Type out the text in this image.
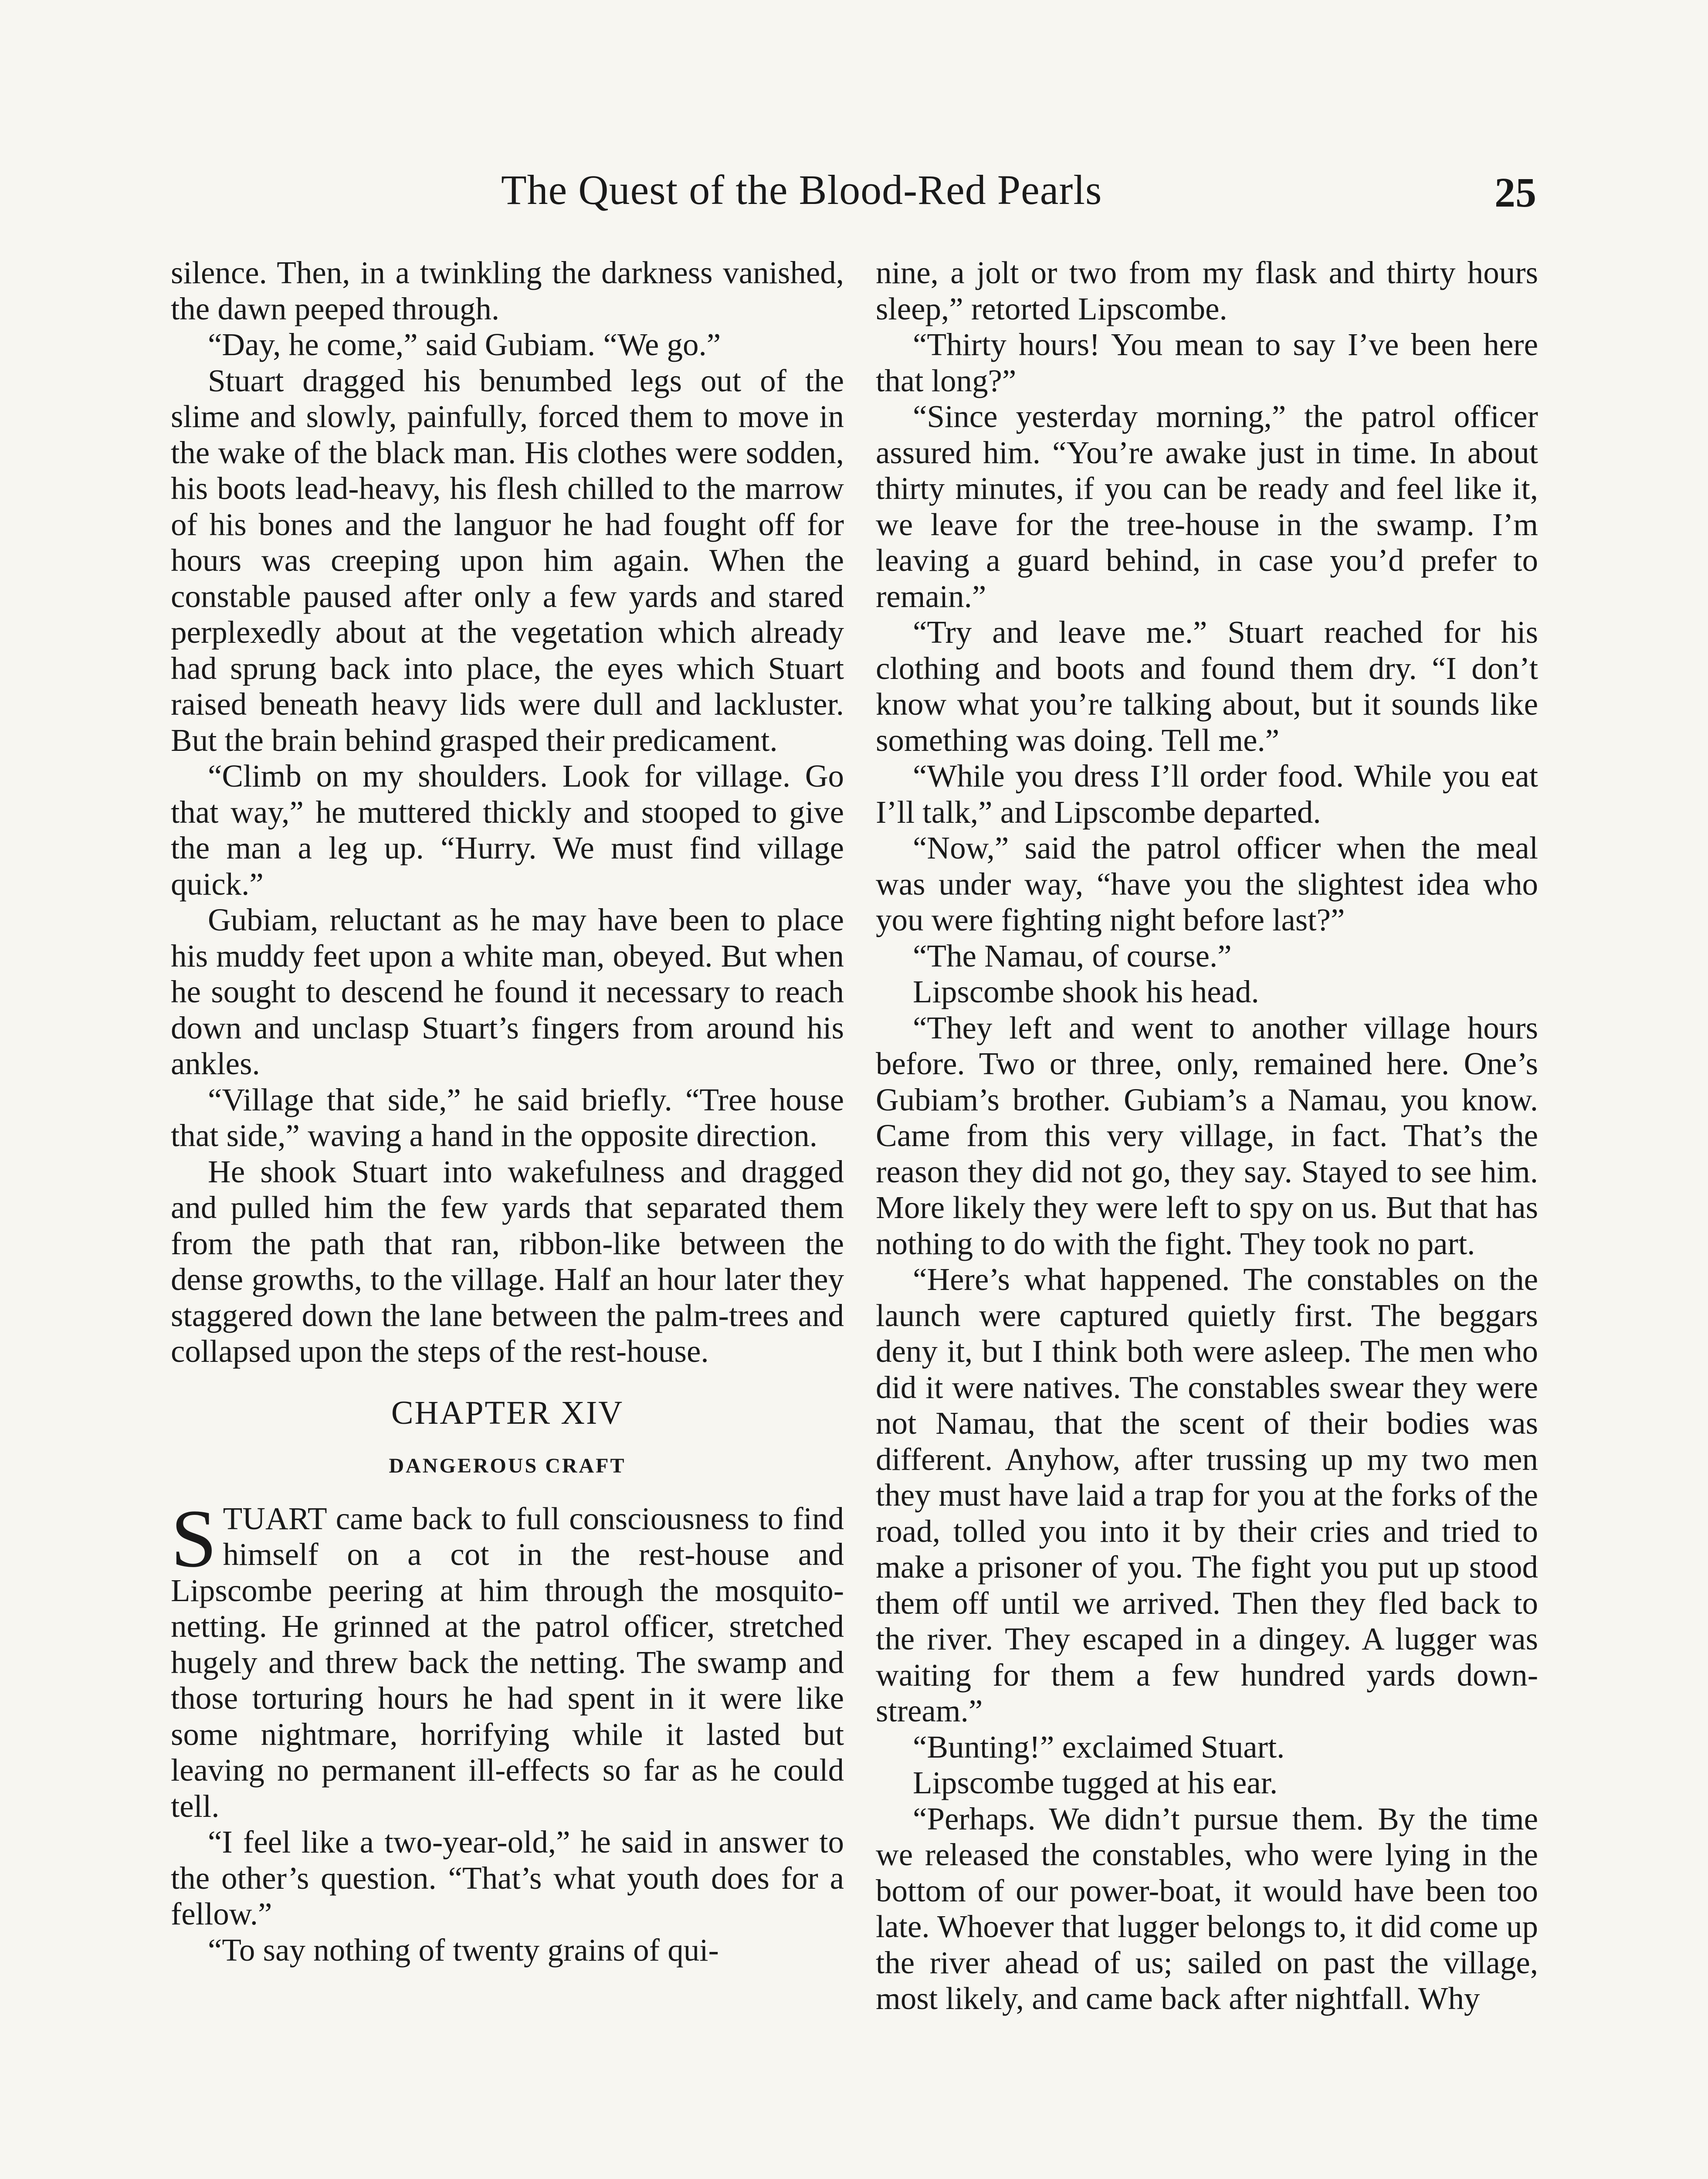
The Quest of the Blood-Red Pearls	25

silence. Then, in a twinkling the darkness vanished, the dawn peeped through.

“Day, he come,” said Gubiam. “We go.”

Stuart dragged his benumbed legs out of the slime and slowly, painfully, forced them to move in the wake of the black man. His clothes were sodden, his boots lead-heavy, his flesh chilled to the marrow of his bones and the languor he had fought off for hours was creeping upon him again. When the constable paused after only a few yards and stared perplexedly about at the vegetation which already had sprung back into place, the eyes which Stuart raised beneath heavy lids were dull and lackluster. But the brain behind grasped their predicament.

“Climb on my shoulders. Look for village. Go that way,” he muttered thickly and stooped to give the man a leg up. “Hurry. We must find village quick.”

Gubiam, reluctant as he may have been to place his muddy feet upon a white man, obeyed. But when he sought to descend he found it necessary to reach down and unclasp Stuart’s fingers from around his ankles.

“Village that side,” he said briefly. “Tree house that side,” waving a hand in the opposite direction.

He shook Stuart into wakefulness and dragged and pulled him the few yards that separated them from the path that ran, ribbon-like between the dense growths, to the village. Half an hour later they staggered down the lane between the palm-trees and collapsed upon the steps of the rest-house.

CHAPTER XIV
DANGEROUS CRAFT

STUART came back to full consciousness to find himself on a cot in the rest-house and Lipscombe peering at him through the mosquito-netting. He grinned at the patrol officer, stretched hugely and threw back the netting. The swamp and those torturing hours he had spent in it were like some nightmare, horrifying while it lasted but leaving no permanent ill-effects so far as he could tell.

“I feel like a two-year-old,” he said in answer to the other’s question. “That’s what youth does for a fellow.”

“To say nothing of twenty grains of qui-

nine, a jolt or two from my flask and thirty hours sleep,” retorted Lipscombe.

“Thirty hours! You mean to say I’ve been here that long?”

“Since yesterday morning,” the patrol officer assured him. “You’re awake just in time. In about thirty minutes, if you can be ready and feel like it, we leave for the tree-house in the swamp. I’m leaving a guard behind, in case you’d prefer to remain.”

“Try and leave me.” Stuart reached for his clothing and boots and found them dry. “I don’t know what you’re talking about, but it sounds like something was doing. Tell me.”

“While you dress I’ll order food. While you eat I’ll talk,” and Lipscombe departed.

“Now,” said the patrol officer when the meal was under way, “have you the slightest idea who you were fighting night before last?”

“The Namau, of course.”

Lipscombe shook his head.

“They left and went to another village hours before. Two or three, only, remained here. One’s Gubiam’s brother. Gubiam’s a Namau, you know. Came from this very village, in fact. That’s the reason they did not go, they say. Stayed to see him. More likely they were left to spy on us. But that has nothing to do with the fight. They took no part.

“Here’s what happened. The constables on the launch were captured quietly first. The beggars deny it, but I think both were asleep. The men who did it were natives. The constables swear they were not Namau, that the scent of their bodies was different. Anyhow, after trussing up my two men they must have laid a trap for you at the forks of the road, tolled you into it by their cries and tried to make a prisoner of you. The fight you put up stood them off until we arrived. Then they fled back to the river. They escaped in a dingey. A lugger was waiting for them a few hundred yards downstream.”

“Bunting!” exclaimed Stuart.

Lipscombe tugged at his ear.

“Perhaps. We didn’t pursue them. By the time we released the constables, who were lying in the bottom of our power-boat, it would have been too late. Whoever that lugger belongs to, it did come up the river ahead of us; sailed on past the village, most likely, and came back after nightfall. Why
